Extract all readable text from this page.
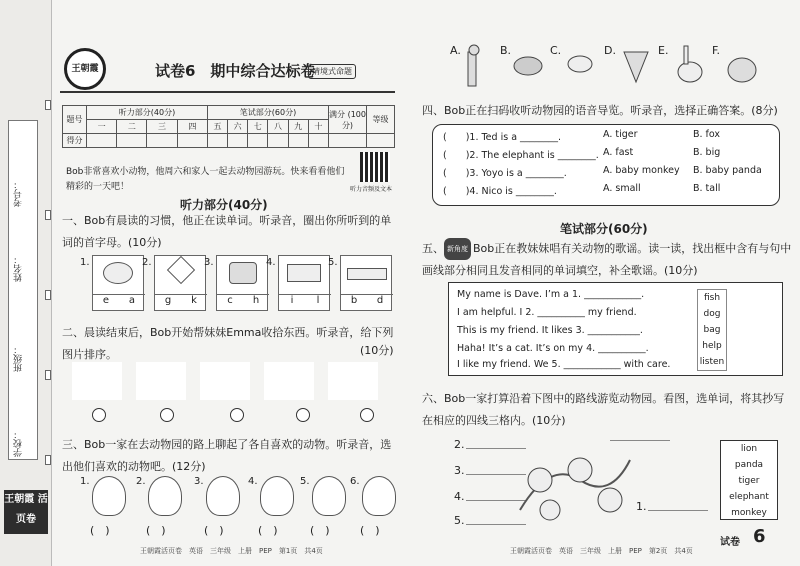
学校：
班级：
姓名：
考号：
王朝霞 活页卷
王朝霞	试卷6　期中综合达标卷
情境式命题
题号	听力部分(40分)				笔试部分(60分)						满分 (100分)	等级
	一	二	三	四	五	六	七	八	九	十		
得分												
Bob非常喜欢小动物，他周六和家人一起去动物园游玩。快来看看他们精彩的一天吧！	听力音频及文本
听力部分(40分)
一、Bob有晨读的习惯，他正在读单词。听录音，圈出你所听到的单词的首字母。(10分)
1.
e	a
2.
g	k
3.
c	h
4.
i	l
5.
b	d
二、晨读结束后，Bob开始帮妹妹Emma收拾东西。听录音，给下列图片排序。	(10分)
三、Bob一家在去动物园的路上聊起了各自喜欢的动物。听录音，选出他们喜欢的动物吧。(12分)
1.	2.	3.	4.	5.	6.
(　)	(　)	(　)	(　)	(　)	(　)
王朝霞活页卷　英语　三年级　上册　PEP　第1页　共4页
A.	B.	C.	D.	E.	F.
四、Bob正在扫码收听动物园的语音导览。听录音，选择正确答案。(8分)
(　　)1. Ted is a ________.	A. tiger	B. fox
(　　)2. The elephant is ________. A. fast	B. big
(　　)3. Yoyo is a ________.	A. baby monkey B. baby panda
(　　)4. Nico is ________.	A. small	B. tall
笔试部分(60分)
五、 新角度 Bob正在教妹妹唱有关动物的歌谣。读一读，找出框中含有与句中画线部分相同且发音相同的单词填空，补全歌谣。(10分)
My name is Dave. I’m a 1. ____________.
I am helpful. I 2. __________ my friend.
This is my friend. It likes 3. ___________.
Haha! It’s a cat. It’s on my 4. __________.
I like my friend. We 5. ____________ with care.
fish
dog
bag
help
listen
六、Bob一家打算沿着下图中的路线游览动物园。看图，选单词，将其抄写在相应的四线三格内。(10分)
2.
3.
4.
5.
1.
王朝霞活页卷　英语　三年级　上册　PEP　第2页　共4页
lion
panda
tiger
elephant
monkey
试卷 6
